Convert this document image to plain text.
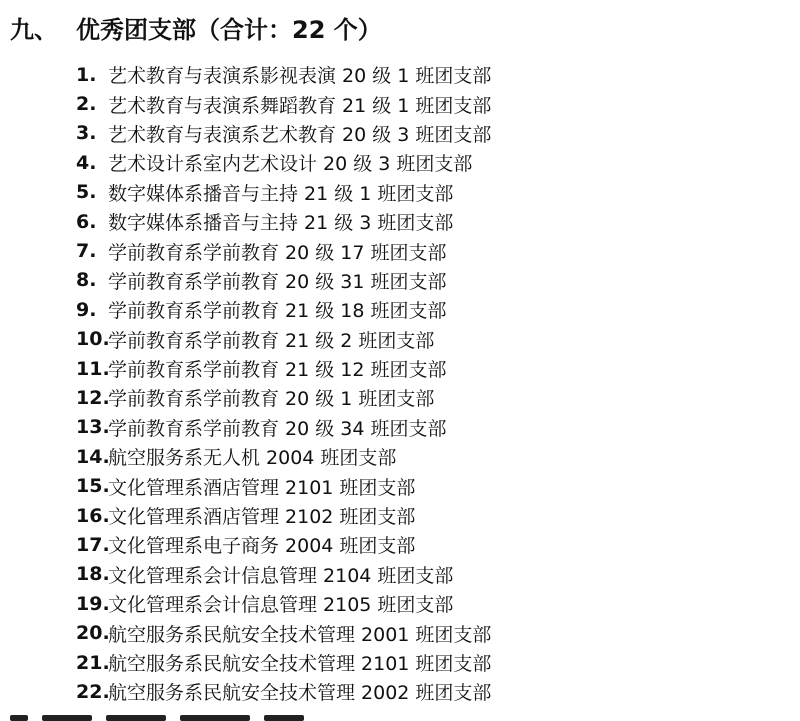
九、 优秀团支部（合计：22 个）
1. 艺术教育与表演系影视表演 20 级 1 班团支部
2. 艺术教育与表演系舞蹈教育 21 级 1 班团支部
3. 艺术教育与表演系艺术教育 20 级 3 班团支部
4. 艺术设计系室内艺术设计 20 级 3 班团支部
5. 数字媒体系播音与主持 21 级 1 班团支部
6. 数字媒体系播音与主持 21 级 3 班团支部
7. 学前教育系学前教育 20 级 17 班团支部
8. 学前教育系学前教育 20 级 31 班团支部
9. 学前教育系学前教育 21 级 18 班团支部
10.
学前教育系学前教育 21 级 2 班团支部
11.
学前教育系学前教育 21 级 12 班团支部
12.
学前教育系学前教育 20 级 1 班团支部
13.
学前教育系学前教育 20 级 34 班团支部
14.
航空服务系无人机 2004 班团支部
15.
文化管理系酒店管理 2101 班团支部
16.
文化管理系酒店管理 2102 班团支部
17.
文化管理系电子商务 2004 班团支部
18.
文化管理系会计信息管理 2104 班团支部
19.
文化管理系会计信息管理 2105 班团支部
20.
航空服务系民航安全技术管理 2001 班团支部
21.
航空服务系民航安全技术管理 2101 班团支部
22.
航空服务系民航安全技术管理 2002 班团支部
